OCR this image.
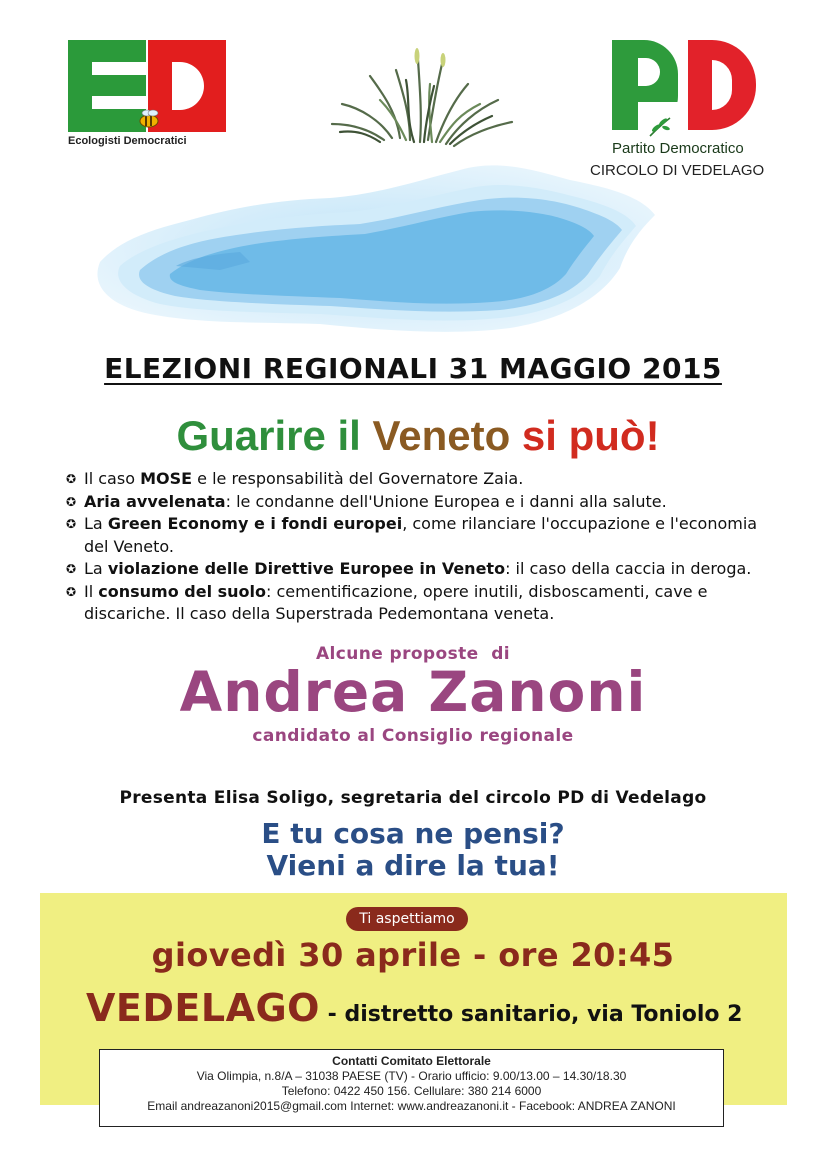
Ecologisti Democratici	Partito Democratico
CIRCOLO DI VEDELAGO
ELEZIONI REGIONALI 31 MAGGIO 2015
Guarire il Veneto si può!
✪ Il caso MOSE e le responsabilità del Governatore Zaia.
✪ Aria avvelenata: le condanne dell'Unione Europea e i danni alla salute.
✪ La Green Economy e i fondi europei, come rilanciare l'occupazione e l'economia del Veneto.
✪ La violazione delle Direttive Europee in Veneto: il caso della caccia in deroga.
✪ Il consumo del suolo: cementificazione, opere inutili, disboscamenti, cave e discariche. Il caso della Superstrada Pedemontana veneta.
Alcune proposte  di
Andrea Zanoni
candidato al Consiglio regionale
Presenta Elisa Soligo, segretaria del circolo PD di Vedelago
E tu cosa ne pensi?
Vieni a dire la tua!
Ti aspettiamo
giovedì 30 aprile - ore 20:45
VEDELAGO - distretto sanitario, via Toniolo 2
Contatti Comitato Elettorale
Via Olimpia, n.8/A – 31038 PAESE (TV) - Orario ufficio: 9.00/13.00 – 14.30/18.30
Telefono: 0422 450 156. Cellulare: 380 214 6000
Email andreazanoni2015@gmail.com Internet: www.andreazanoni.it - Facebook: ANDREA ZANONI
